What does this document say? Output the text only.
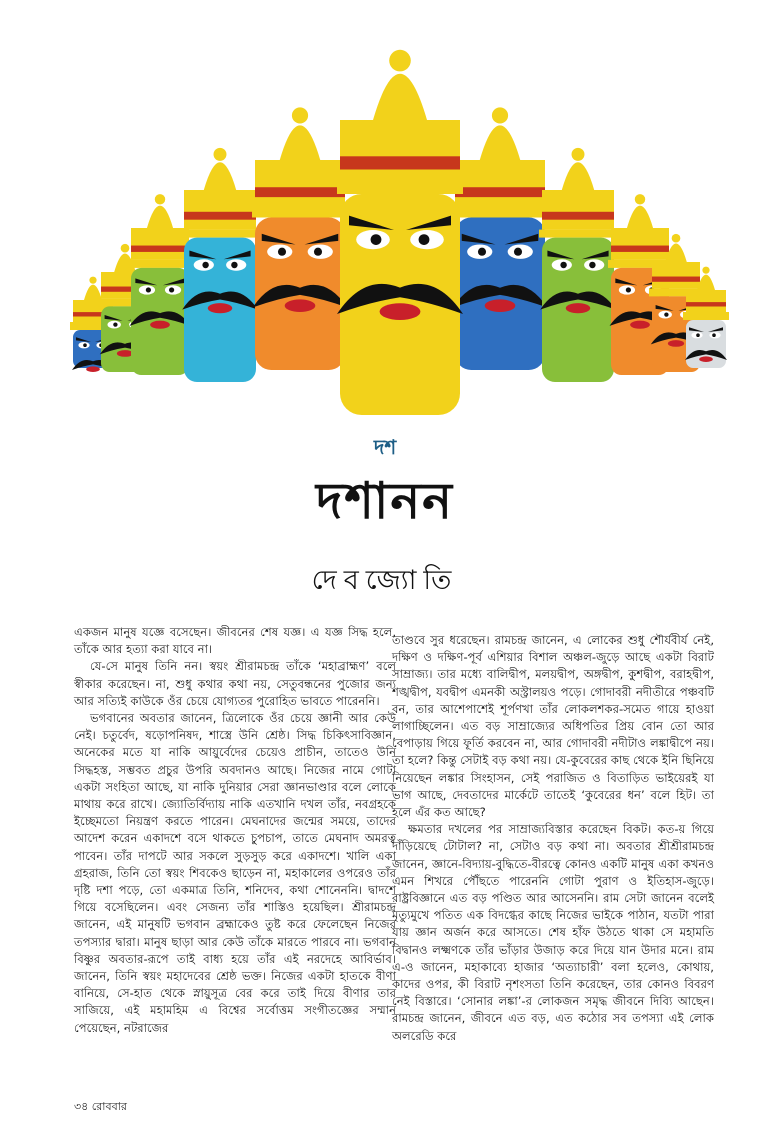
দশ
দশানন
দেবজ্যোতি

একজন মানুষ যজ্ঞে বসেছেন। জীবনের শেষ যজ্ঞ। এ যজ্ঞ সিদ্ধ হলে, তাঁকে আর হত্যা করা যাবে না।

যে-সে মানুষ তিনি নন। স্বয়ং শ্রীরামচন্দ্র তাঁকে ‘মহাব্রাহ্মণ’ বলে স্বীকার করেছেন। না, শুধু কথার কথা নয়, সেতুবন্ধনের পুজোর জন্য আর সত্যিই কাউকে ওঁর চেয়ে যোগ্যতর পুরোহিত ভাবতে পারেননি।

ভগবানের অবতার জানেন, ত্রিলোকে ওঁর চেয়ে জ্ঞানী আর কেউ নেই। চতুর্বেদ, ষড়োপনিষদ, শাস্ত্রে উনি শ্রেষ্ঠ। সিদ্ধ চিকিৎসাবিজ্ঞান, অনেকের মতে যা নাকি আয়ুর্বেদের চেয়েও প্রাচীন, তাতেও উনি সিদ্ধহস্ত, সম্ভবত প্রচুর উপরি অবদানও আছে। নিজের নামে গোটা একটা সংহিতা আছে, যা নাকি দুনিয়ার সেরা জ্ঞানভাণ্ডার বলে লোকে মাথায় করে রাখে। জ্যোতির্বিদ্যায় নাকি এতখানি দখল তাঁর, নবগ্রহকে ইচ্ছেমতো নিয়ন্ত্রণ করতে পারেন। মেঘনাদের জন্মের সময়ে, তাদের আদেশ করেন একাদশে বসে থাকতে চুপচাপ, তাতে মেঘনাদ অমরত্ব পাবেন। তাঁর দাপটে আর সকলে সুড়সুড় করে একাদশে। খালি একা গ্রহরাজ, তিনি তো স্বয়ং শিবকেও ছাড়েন না, মহাকালের ওপরেও তাঁর দৃষ্টি দশা পড়ে, তো একমাত্র তিনি, শনিদেব, কথা শোনেননি। দ্বাদশে গিয়ে বসেছিলেন। এবং সেজন্য তাঁর শাস্তিও হয়েছিল। শ্রীরামচন্দ্র জানেন, এই মানুষটি ভগবান ব্রহ্মাকেও তুষ্ট করে ফেলেছেন নিজের তপস্যার দ্বারা। মানুষ ছাড়া আর কেউ তাঁকে মারতে পারবে না। ভগবান বিষ্ণুর অবতার-রূপে তাই বাধ্য হয়ে তাঁর এই নরদেহে আবির্ভাব। জানেন, তিনি স্বয়ং মহাদেবের শ্রেষ্ঠ ভক্ত। নিজের একটা হাতকে বীণা বানিয়ে, সে-হাত থেকে স্নায়ুসূত্র বের করে তাই দিয়ে বীণার তার সাজিয়ে, এই মহামহিম এ বিশ্বের সর্বোত্তম সংগীতজ্ঞের সম্মান পেয়েছেন, নটরাজের

তাণ্ডবে সুর ধরেছেন। রামচন্দ্র জানেন, এ লোকের শুধু শৌর্যবীর্য নেই, দক্ষিণ ও দক্ষিণ-পূর্ব এশিয়ার বিশাল অঞ্চল-জুড়ে আছে একটা বিরাট সাম্রাজ্য। তার মধ্যে বালিদ্বীপ, মলয়দ্বীপ, অঙ্গদ্বীপ, কুশদ্বীপ, বরাহদ্বীপ, শঙ্খদ্বীপ, যবদ্বীপ এমনকী অস্ট্রালয়ও পড়ে। গোদাবরী নদীতীরে পঞ্চবটি বন, তার আশেপাশেই শূর্পণখা তাঁর লোকলশকর-সমেত গায়ে হাওয়া লাগাচ্ছিলেন। এত বড় সাম্রাজ্যের অধিপতির প্রিয় বোন তো আর বেপাড়ায় গিয়ে ফূর্তি করবেন না, আর গোদাবরী নদীটাও লঙ্কাদ্বীপে নয়। তা হলে? কিন্তু সেটাই বড় কথা নয়। যে-কুবেরের কাছ থেকে ইনি ছিনিয়ে নিয়েছেন লঙ্কার সিংহাসন, সেই পরাজিত ও বিতাড়িত ভাইয়েরই যা ভাগ আছে, দেবতাদের মার্কেটে তাতেই ‘কুবেরের ধন’ বলে হিট। তা হলে এঁর কত আছে?

ক্ষমতার দখলের পর সাম্রাজ্যবিস্তার করেছেন বিকট। কত-য় গিয়ে দাঁড়িয়েছে টোটাল? না, সেটাও বড় কথা না। অবতার শ্রীশ্রীরামচন্দ্র জানেন, জ্ঞানে-বিদ্যায়-বুদ্ধিতে-বীরত্বে কোনও একটি মানুষ একা কখনও এমন শিখরে পৌঁছতে পারেননি গোটা পুরাণ ও ইতিহাস-জুড়ে। রাষ্ট্রবিজ্ঞানে এত বড় পণ্ডিত আর আসেননি। রাম সেটা জানেন বলেই মৃত্যুমুখে পতিত এক বিদগ্ধের কাছে নিজের ভাইকে পাঠান, যতটা পারা যায় জ্ঞান অর্জন করে আসতে। শেষ হাঁফ উঠতে থাকা সে মহামতি বিদ্বানও লক্ষ্মণকে তাঁর ভাঁড়ার উজাড় করে দিয়ে যান উদার মনে। রাম এ-ও জানেন, মহাকাব্যে হাজার ‘অত্যাচারী’ বলা হলেও, কোথায়, কাদের ওপর, কী বিরাট নৃশংসতা তিনি করেছেন, তার কোনও বিবরণ নেই বিস্তারে। ‘সোনার লঙ্কা’-র লোকজন সমৃদ্ধ জীবনে দিব্যি আছেন। রামচন্দ্র জানেন, জীবনে এত বড়, এত কঠোর সব তপস্যা এই লোক অলরেডি করে

৩৪ রোববার
